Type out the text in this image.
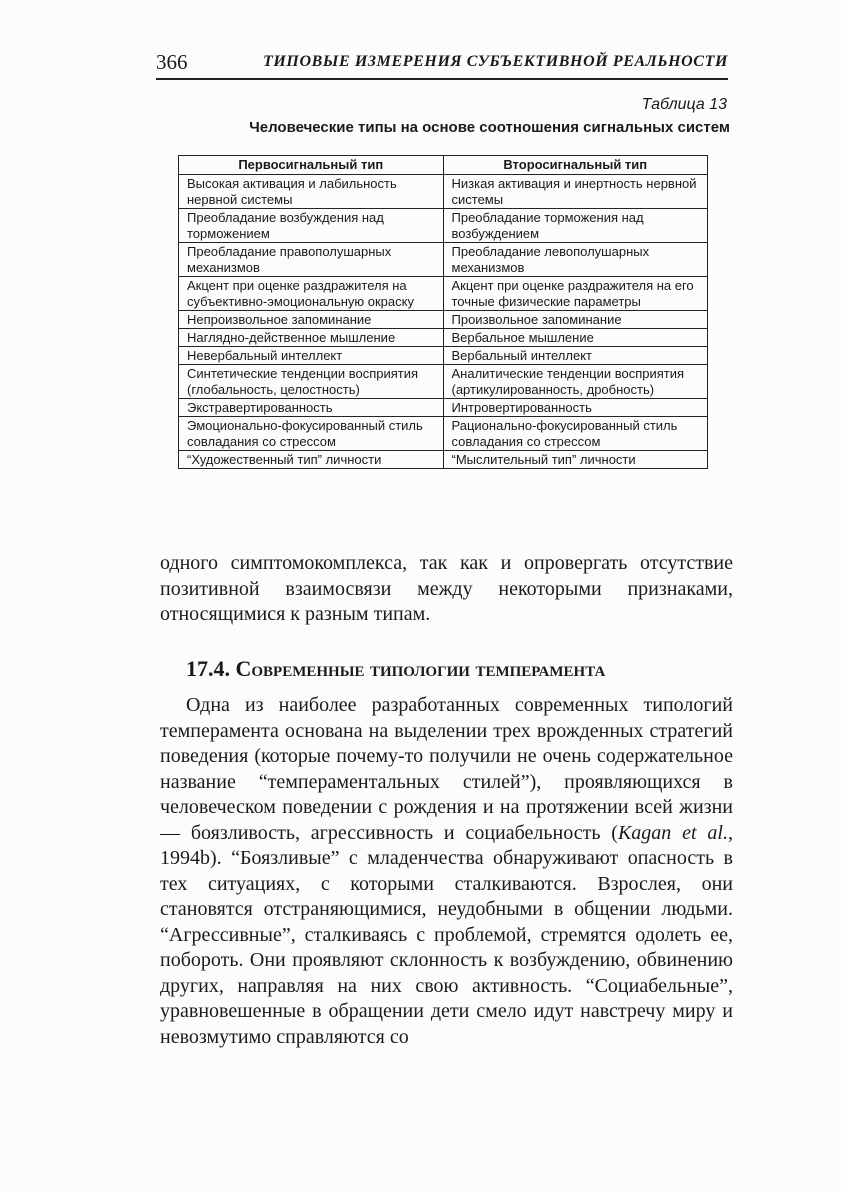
366	ТИПОВЫЕ ИЗМЕРЕНИЯ СУБЪЕКТИВНОЙ РЕАЛЬНОСТИ
Таблица 13
Человеческие типы на основе соотношения сигнальных систем
Первосигнальный тип	Второсигнальный тип
Высокая активация и лабильность нервной системы	Низкая активация и инертность нервной системы
Преобладание возбуждения над торможением	Преобладание торможения над возбуждением
Преобладание правополушарных механизмов	Преобладание левополушарных механизмов
Акцент при оценке раздражителя на субъективно-эмоциональную окраску	Акцент при оценке раздражителя на его точные физические параметры
Непроизвольное запоминание	Произвольное запоминание
Наглядно-действенное мышление	Вербальное мышление
Невербальный интеллект	Вербальный интеллект
Синтетические тенденции восприятия (глобальность, целостность)	Аналитические тенденции восприятия (артикулированность, дробность)
Экстравертированность	Интровертированность
Эмоционально-фокусированный стиль совладания со стрессом	Рационально-фокусированный стиль совладания со стрессом
“Художественный тип” личности	“Мыслительный тип” личности

одного симптомокомплекса, так как и опровергать отсутствие позитивной взаимосвязи между некоторыми признаками, относящимися к разным типам.

17.4. Современные типологии темперамента

Одна из наиболее разработанных современных типологий темперамента основана на выделении трех врожденных стратегий поведения (которые почему-то получили не очень содержательное название “темпераментальных стилей”), проявляющихся в человеческом поведении с рождения и на протяжении всей жизни — боязливость, агрессивность и социабельность (Kagan et al., 1994b). “Боязливые” с младенчества обнаруживают опасность в тех ситуациях, с которыми сталкиваются. Взрослея, они становятся отстраняющимися, неудобными в общении людьми. “Агрессивные”, сталкиваясь с проблемой, стремятся одолеть ее, побороть. Они проявляют склонность к возбуждению, обвинению других, направляя на них свою активность. “Социабельные”, уравновешенные в обращении дети смело идут навстречу миру и невозмутимо справляются со
